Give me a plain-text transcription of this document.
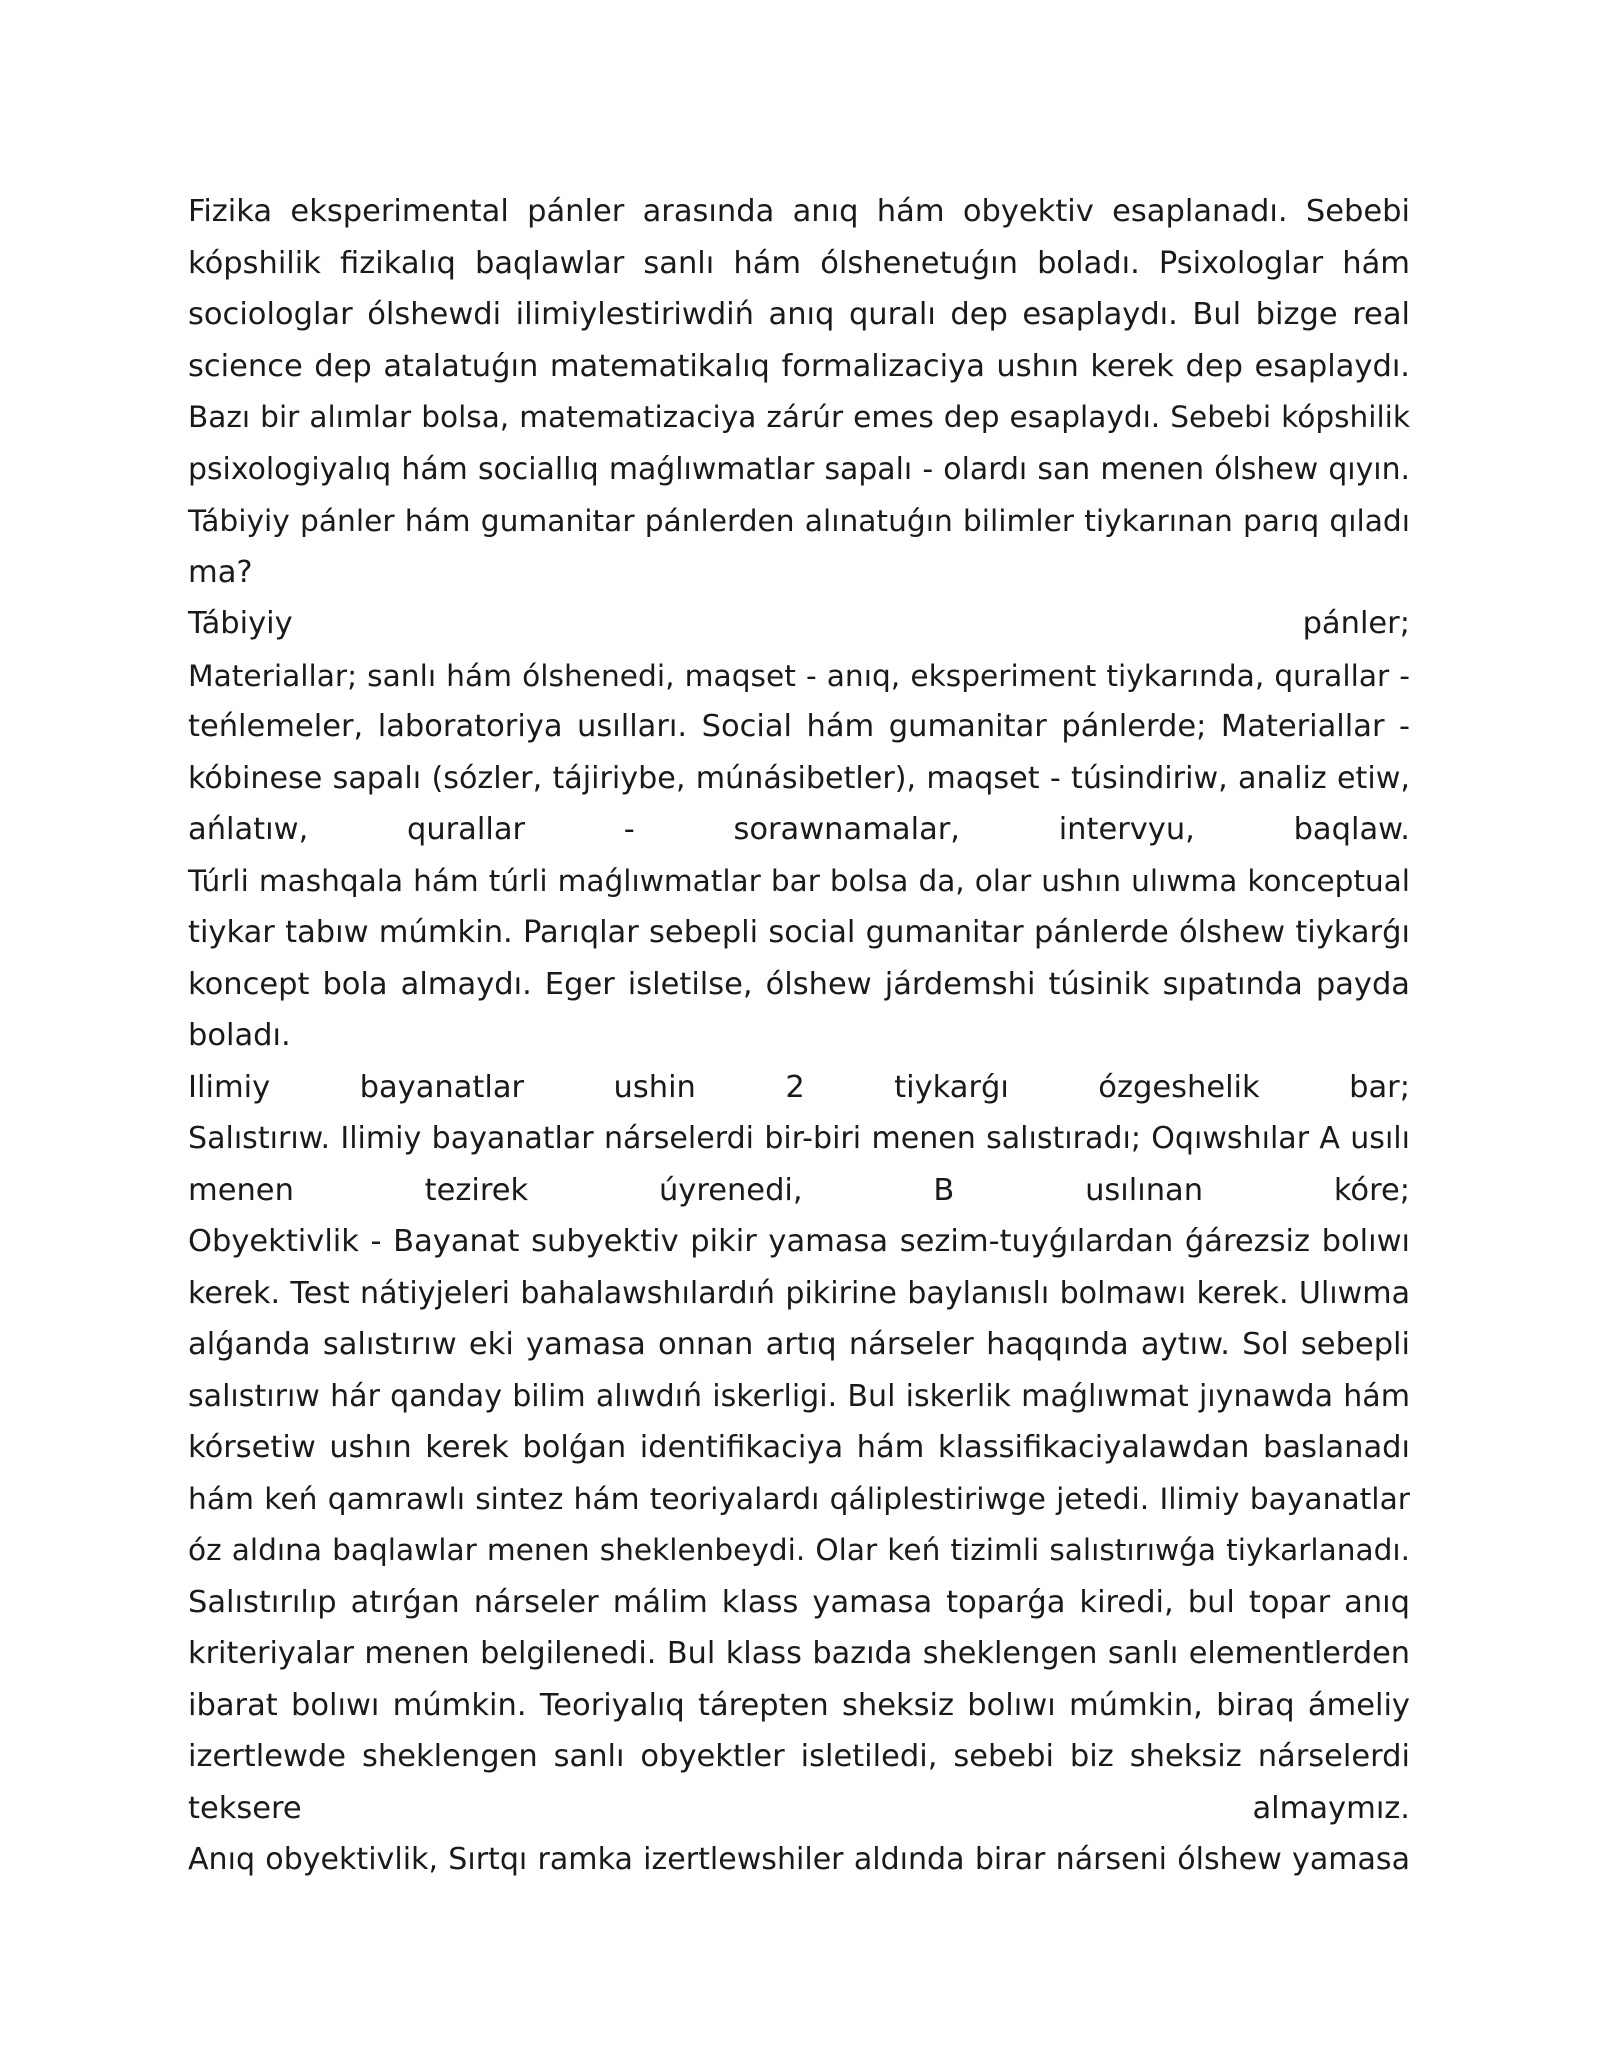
Fizika eksperimental pánler arasında anıq hám obyektiv esaplanadı. Sebebi
kópshilik fizikalıq baqlawlar sanlı hám ólshenetuǵın boladı. Psixologlar hám
sociologlar ólshewdi ilimiylestiriwdiń anıq quralı dep esaplaydı. Bul bizge real
science dep atalatuǵın matematikalıq formalizaciya ushın kerek dep esaplaydı.
Bazı bir alımlar bolsa, matematizaciya zárúr emes dep esaplaydı. Sebebi kópshilik
psixologiyalıq hám sociallıq maǵlıwmatlar sapalı - olardı san menen ólshew qıyın.
Tábiyiy pánler hám gumanitar pánlerden alınatuǵın bilimler tiykarınan parıq qıladı
ma?
Tábiyiy pánler;
Materiallar; sanlı hám ólshenedi, maqset - anıq, eksperiment tiykarında, qurallar -
teńlemeler, laboratoriya usılları. Social hám gumanitar pánlerde; Materiallar -
kóbinese sapalı (sózler, tájiriybe, múnásibetler), maqset - túsindiriw, analiz etiw,
ańlatıw, qurallar - sorawnamalar, intervyu, baqlaw.
Túrli mashqala hám túrli maǵlıwmatlar bar bolsa da, olar ushın ulıwma konceptual
tiykar tabıw múmkin. Parıqlar sebepli social gumanitar pánlerde ólshew tiykarǵı
koncept bola almaydı. Eger isletilse, ólshew járdemshi túsinik sıpatında payda
boladı.
Ilimiy bayanatlar ushin 2 tiykarǵı ózgeshelik bar;
Salıstırıw. Ilimiy bayanatlar nárselerdi bir-biri menen salıstıradı; Oqıwshılar A usılı
menen tezirek úyrenedi, B usılınan kóre;
Obyektivlik - Bayanat subyektiv pikir yamasa sezim-tuyǵılardan ǵárezsiz bolıwı
kerek. Test nátiyjeleri bahalawshılardıń pikirine baylanıslı bolmawı kerek. Ulıwma
alǵanda salıstırıw eki yamasa onnan artıq nárseler haqqında aytıw. Sol sebepli
salıstırıw hár qanday bilim alıwdıń iskerligi. Bul iskerlik maǵlıwmat jıynawda hám
kórsetiw ushın kerek bolǵan identifikaciya hám klassifikaciyalawdan baslanadı
hám keń qamrawlı sintez hám teoriyalardı qáliplestiriwge jetedi. Ilimiy bayanatlar
óz aldına baqlawlar menen sheklenbeydi. Olar keń tizimli salıstırıwǵa tiykarlanadı.
Salıstırılıp atırǵan nárseler málim klass yamasa toparǵa kiredi, bul topar anıq
kriteriyalar menen belgilenedi. Bul klass bazıda sheklengen sanlı elementlerden
ibarat bolıwı múmkin. Teoriyalıq tárepten sheksiz bolıwı múmkin, biraq ámeliy
izertlewde sheklengen sanlı obyektler isletiledi, sebebi biz sheksiz nárselerdi
teksere almaymız.
Anıq obyektivlik, Sırtqı ramka izertlewshiler aldında birar nárseni ólshew yamasa
